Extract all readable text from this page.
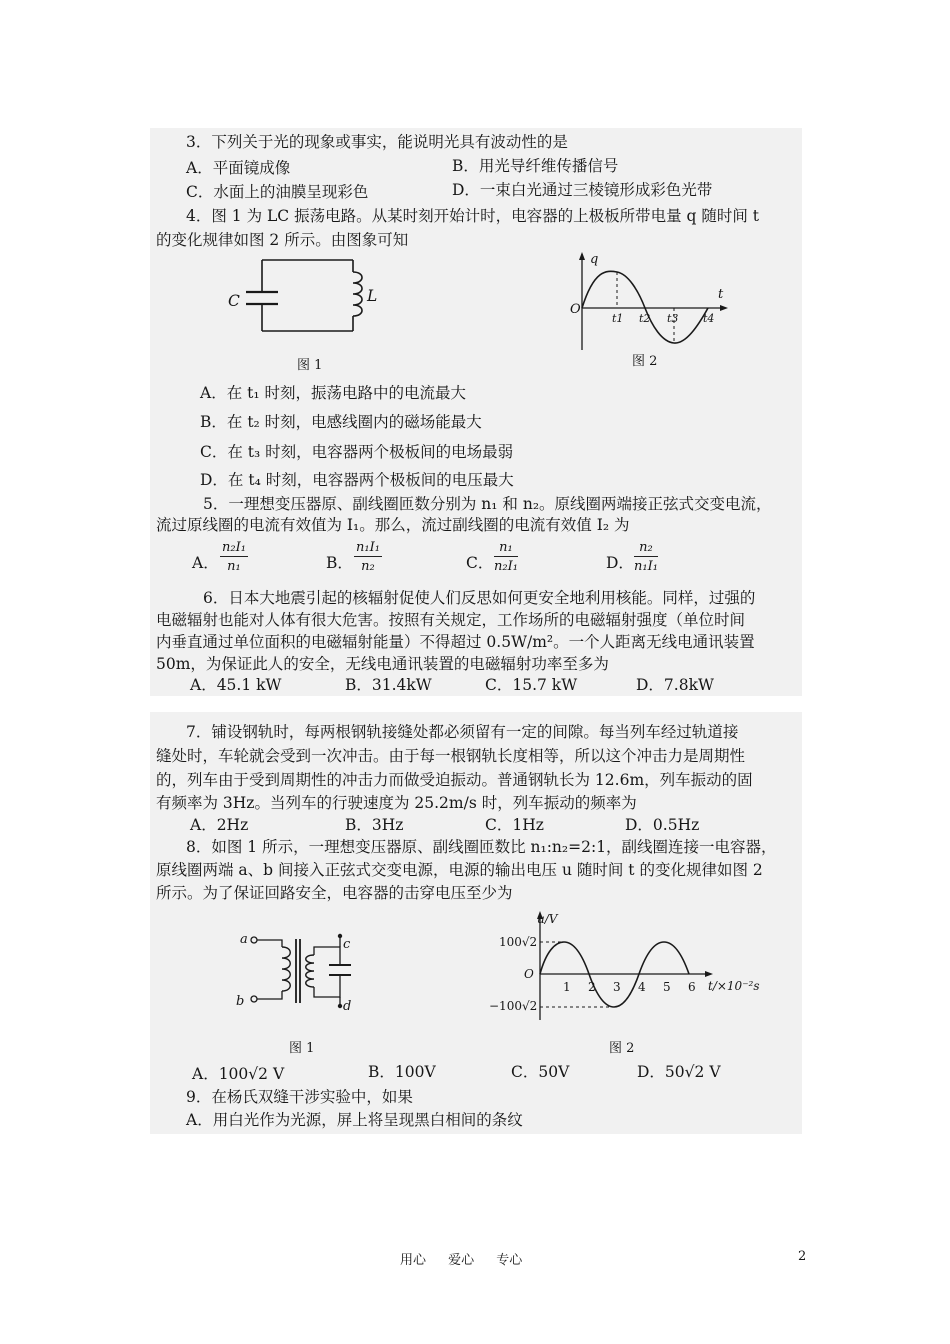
3．下列关于光的现象或事实，能说明光具有波动性的是
A．平面镜成像	B．用光导纤维传播信号
C．水面上的油膜呈现彩色	D．一束白光通过三棱镜形成彩色光带
4．图 1 为 LC 振荡电路。从某时刻开始计时，电容器的上极板所带电量 q 随时间 t
的变化规律如图 2 所示。由图象可知
C	L
图 1
q
t
O
t1 t2 t3 t4
图 2
A．在 t₁ 时刻，振荡电路中的电流最大
B．在 t₂ 时刻，电感线圈内的磁场能最大
C．在 t₃ 时刻，电容器两个极板间的电场最弱
D．在 t₄ 时刻，电容器两个极板间的电压最大
5．一理想变压器原、副线圈匝数分别为 n₁ 和 n₂。原线圈两端接正弦式交变电流，
流过原线圈的电流有效值为 I₁。那么，流过副线圈的电流有效值 I₂ 为
A． $\frac{\text{n₂I₁}}{\text{n₁}}$	B． $\frac{\text{n₁I₁}}{\text{n₂}}$	C． $\frac{\text{n₁}}{\text{n₂I₁}}$	D． $\frac{\text{n₂}}{\text{n₁I₁}}$
6．日本大地震引起的核辐射促使人们反思如何更安全地利用核能。同样，过强的
电磁辐射也能对人体有很大危害。按照有关规定，工作场所的电磁辐射强度（单位时间
内垂直通过单位面积的电磁辐射能量）不得超过 0.5W/m²。一个人距离无线电通讯装置
50m，为保证此人的安全，无线电通讯装置的电磁辐射功率至多为
A．45.1 kW	B．31.4kW	C．15.7 kW	D．7.8kW
7．铺设钢轨时，每两根钢轨接缝处都必须留有一定的间隙。每当列车经过轨道接
缝处时，车轮就会受到一次冲击。由于每一根钢轨长度相等，所以这个冲击力是周期性
的，列车由于受到周期性的冲击力而做受迫振动。普通钢轨长为 12.6m，列车振动的固
有频率为 3Hz。当列车的行驶速度为 25.2m/s 时，列车振动的频率为
A．2Hz	B．3Hz	C．1Hz	D．0.5Hz
8．如图 1 所示，一理想变压器原、副线圈匝数比 n₁:n₂=2:1，副线圈连接一电容器，
原线圈两端 a、b 间接入正弦式交变电源，电源的输出电压 u 随时间 t 的变化规律如图 2
所示。为了保证回路安全，电容器的击穿电压至少为
a
b
c
d
图 1
u/V
100√2
−100√2
O
1 2 3 4 5 6 t/×10⁻²s
图 2
A．100√2 V	B．100V	C．50V	D．50√2 V
9．在杨氏双缝干涉实验中，如果
A．用白光作为光源，屏上将呈现黑白相间的条纹
用心 爱心 专心	2
